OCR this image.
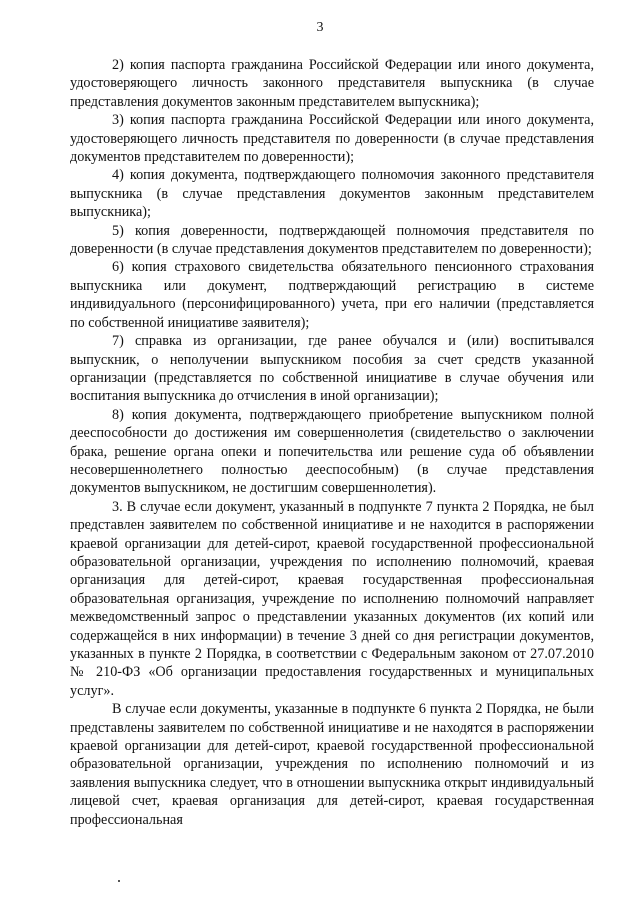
3

2) копия паспорта гражданина Российской Федерации или иного документа, удостоверяющего личность законного представителя выпускника (в случае представления документов законным представителем выпускника);

3) копия паспорта гражданина Российской Федерации или иного документа, удостоверяющего личность представителя по доверенности (в случае представления документов представителем по доверенности);

4) копия документа, подтверждающего полномочия законного представителя выпускника (в случае представления документов законным представителем выпускника);

5) копия доверенности, подтверждающей полномочия представителя по доверенности (в случае представления документов представителем по доверенности);

6) копия страхового свидетельства обязательного пенсионного страхования выпускника или документ, подтверждающий регистрацию в системе индивидуального (персонифицированного) учета, при его наличии (представляется по собственной инициативе заявителя);

7) справка из организации, где ранее обучался и (или) воспитывался выпускник, о неполучении выпускником пособия за счет средств указанной организации (представляется по собственной инициативе в случае обучения или воспитания выпускника до отчисления в иной организации);

8) копия документа, подтверждающего приобретение выпускником полной дееспособности до достижения им совершеннолетия (свидетельство о заключении брака, решение органа опеки и попечительства или решение суда об объявлении несовершеннолетнего полностью дееспособным) (в случае представления документов выпускником, не достигшим совершеннолетия).

3. В случае если документ, указанный в подпункте 7 пункта 2 Порядка, не был представлен заявителем по собственной инициативе и не находится в распоряжении краевой организации для детей-сирот, краевой государственной профессиональной образовательной организации, учреждения по исполнению полномочий, краевая организация для детей-сирот, краевая государственная профессиональная образовательная организация, учреждение по исполнению полномочий направляет межведомственный запрос о представлении указанных документов (их копий или содержащейся в них информации) в течение 3 дней со дня регистрации документов, указанных в пункте 2 Порядка, в соответствии с Федеральным законом от 27.07.2010 № 210-ФЗ «Об организации предоставления государственных и муниципальных услуг».

В случае если документы, указанные в подпункте 6 пункта 2 Порядка, не были представлены заявителем по собственной инициативе и не находятся в распоряжении краевой организации для детей-сирот, краевой государственной профессиональной образовательной организации, учреждения по исполнению полномочий и из заявления выпускника следует, что в отношении выпускника открыт индивидуальный лицевой счет, краевая организация для детей-сирот, краевая государственная профессиональная
